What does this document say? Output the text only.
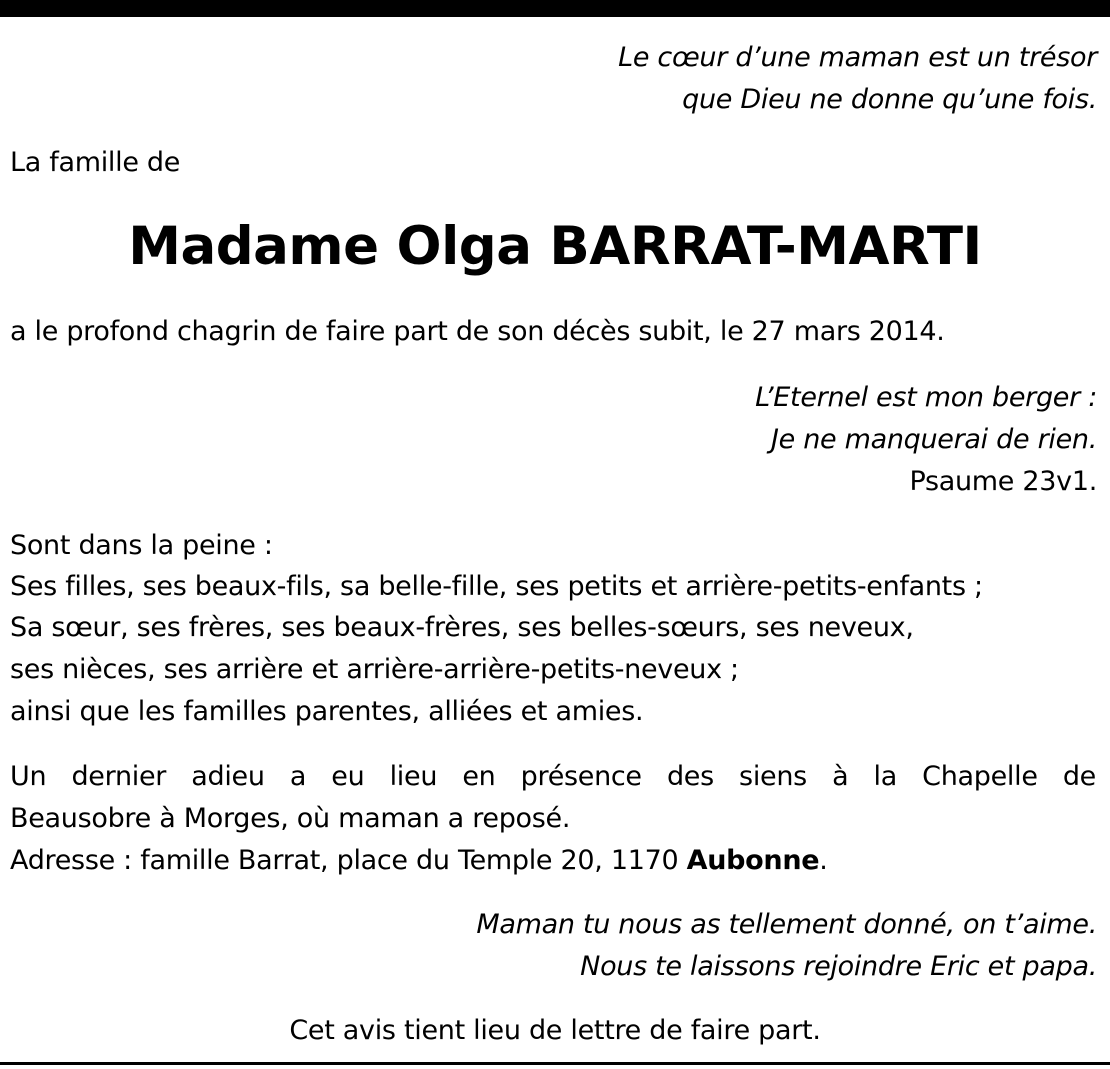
Le cœur d’une maman est un trésor
que Dieu ne donne qu’une fois.
La famille de
Madame Olga BARRAT-MARTI
a le profond chagrin de faire part de son décès subit, le 27 mars 2014.
L’Eternel est mon berger :
Je ne manquerai de rien.
Psaume 23v1.
Sont dans la peine :
Ses filles, ses beaux-fils, sa belle-fille, ses petits et arrière-petits-enfants ;
Sa sœur, ses frères, ses beaux-frères, ses belles-sœurs, ses neveux,
ses nièces, ses arrière et arrière-arrière-petits-neveux ;
ainsi que les familles parentes, alliées et amies.
Un dernier adieu a eu lieu en présence des siens à la Chapelle de
Beausobre à Morges, où maman a reposé.
Adresse : famille Barrat, place du Temple 20, 1170 Aubonne.
Maman tu nous as tellement donné, on t’aime.
Nous te laissons rejoindre Eric et papa.
Cet avis tient lieu de lettre de faire part.
